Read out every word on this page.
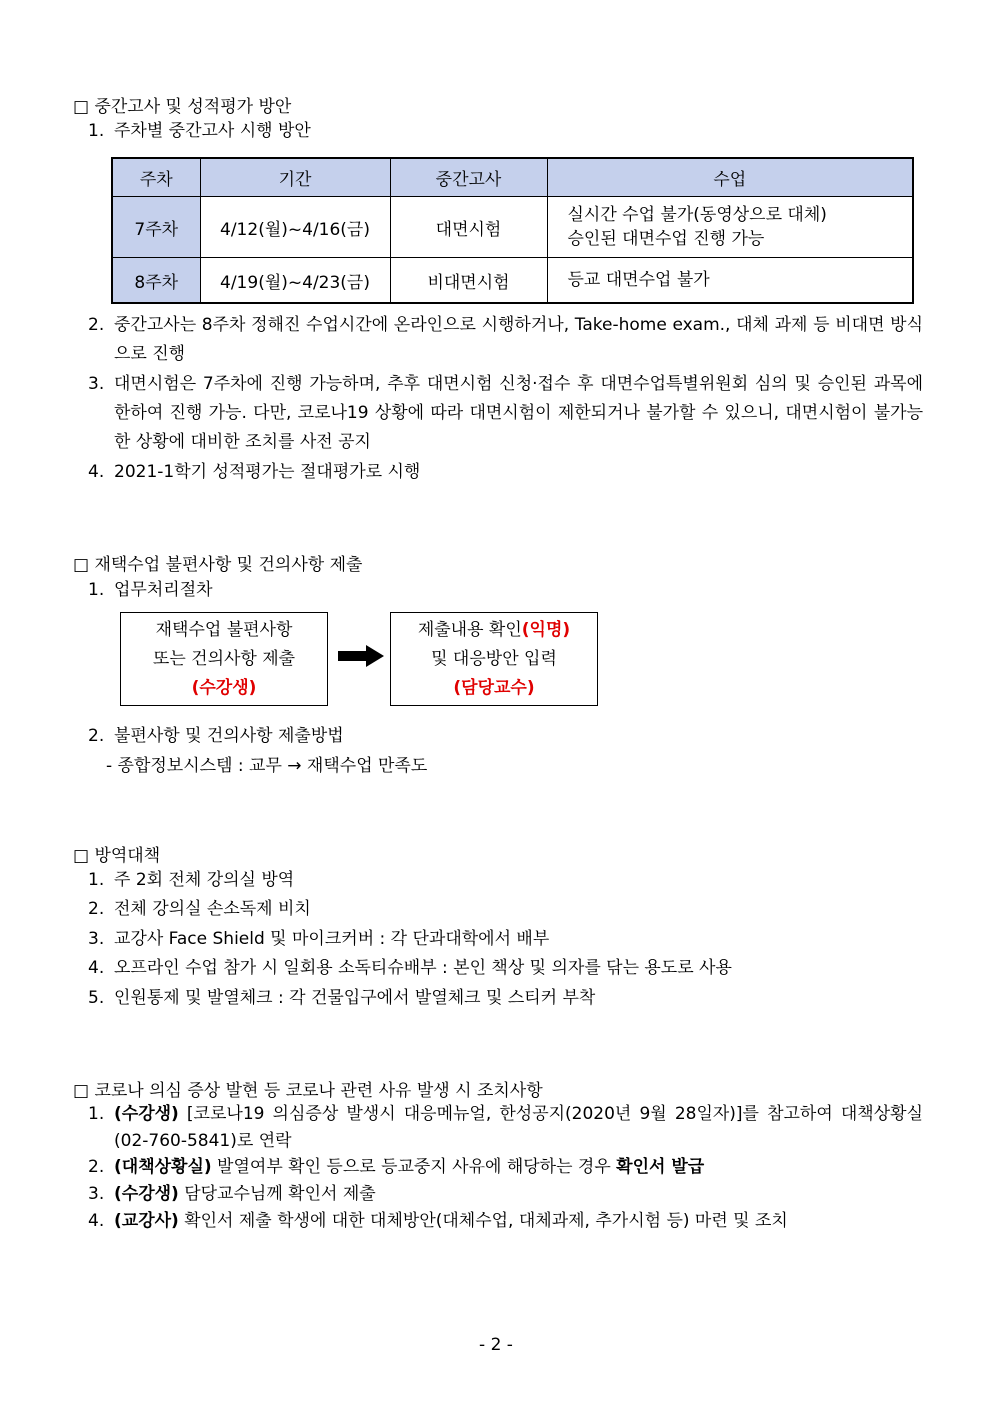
□ 중간고사 및 성적평가 방안
1. 주차별 중간고사 시행 방안
주차	기간	중간고사	수업
7주차	4/12(월)~4/16(금)	대면시험	실시간 수업 불가(동영상으로 대체)
승인된 대면수업 진행 가능

8주차	4/19(월)~4/23(금)	비대면시험	등교 대면수업 불가
2. 중간고사는 8주차 정해진 수업시간에 온라인으로 시행하거나, Take-home exam., 대체 과제 등 비대면 방식으로 진행
3. 대면시험은 7주차에 진행 가능하며, 추후 대면시험 신청·접수 후 대면수업특별위원회 심의 및 승인된 과목에 한하여 진행 가능. 다만, 코로나19 상황에 따라 대면시험이 제한되거나 불가할 수 있으니, 대면시험이 불가능한 상황에 대비한 조치를 사전 공지
4. 2021-1학기 성적평가는 절대평가로 시행
□ 재택수업 불편사항 및 건의사항 제출
1. 업무처리절차
재택수업 불편사항
또는 건의사항 제출
(수강생)
제출내용 확인(익명)
및 대응방안 입력
(담당교수)
2. 불편사항 및 건의사항 제출방법
- 종합정보시스템 : 교무 → 재택수업 만족도
□ 방역대책
1. 주 2회 전체 강의실 방역
2. 전체 강의실 손소독제 비치
3. 교강사 Face Shield 및 마이크커버 : 각 단과대학에서 배부
4. 오프라인 수업 참가 시 일회용 소독티슈배부 : 본인 책상 및 의자를 닦는 용도로 사용
5. 인원통제 및 발열체크 : 각 건물입구에서 발열체크 및 스티커 부착
□ 코로나 의심 증상 발현 등 코로나 관련 사유 발생 시 조치사항
1. (수강생) [코로나19 의심증상 발생시 대응메뉴얼, 한성공지(2020년 9월 28일자)]를 참고하여 대책상황실(02-760-5841)로 연락
2. (대책상황실) 발열여부 확인 등으로 등교중지 사유에 해당하는 경우 확인서 발급
3. (수강생) 담당교수님께 확인서 제출
4. (교강사) 확인서 제출 학생에 대한 대체방안(대체수업, 대체과제, 추가시험 등) 마련 및 조치
- 2 -
